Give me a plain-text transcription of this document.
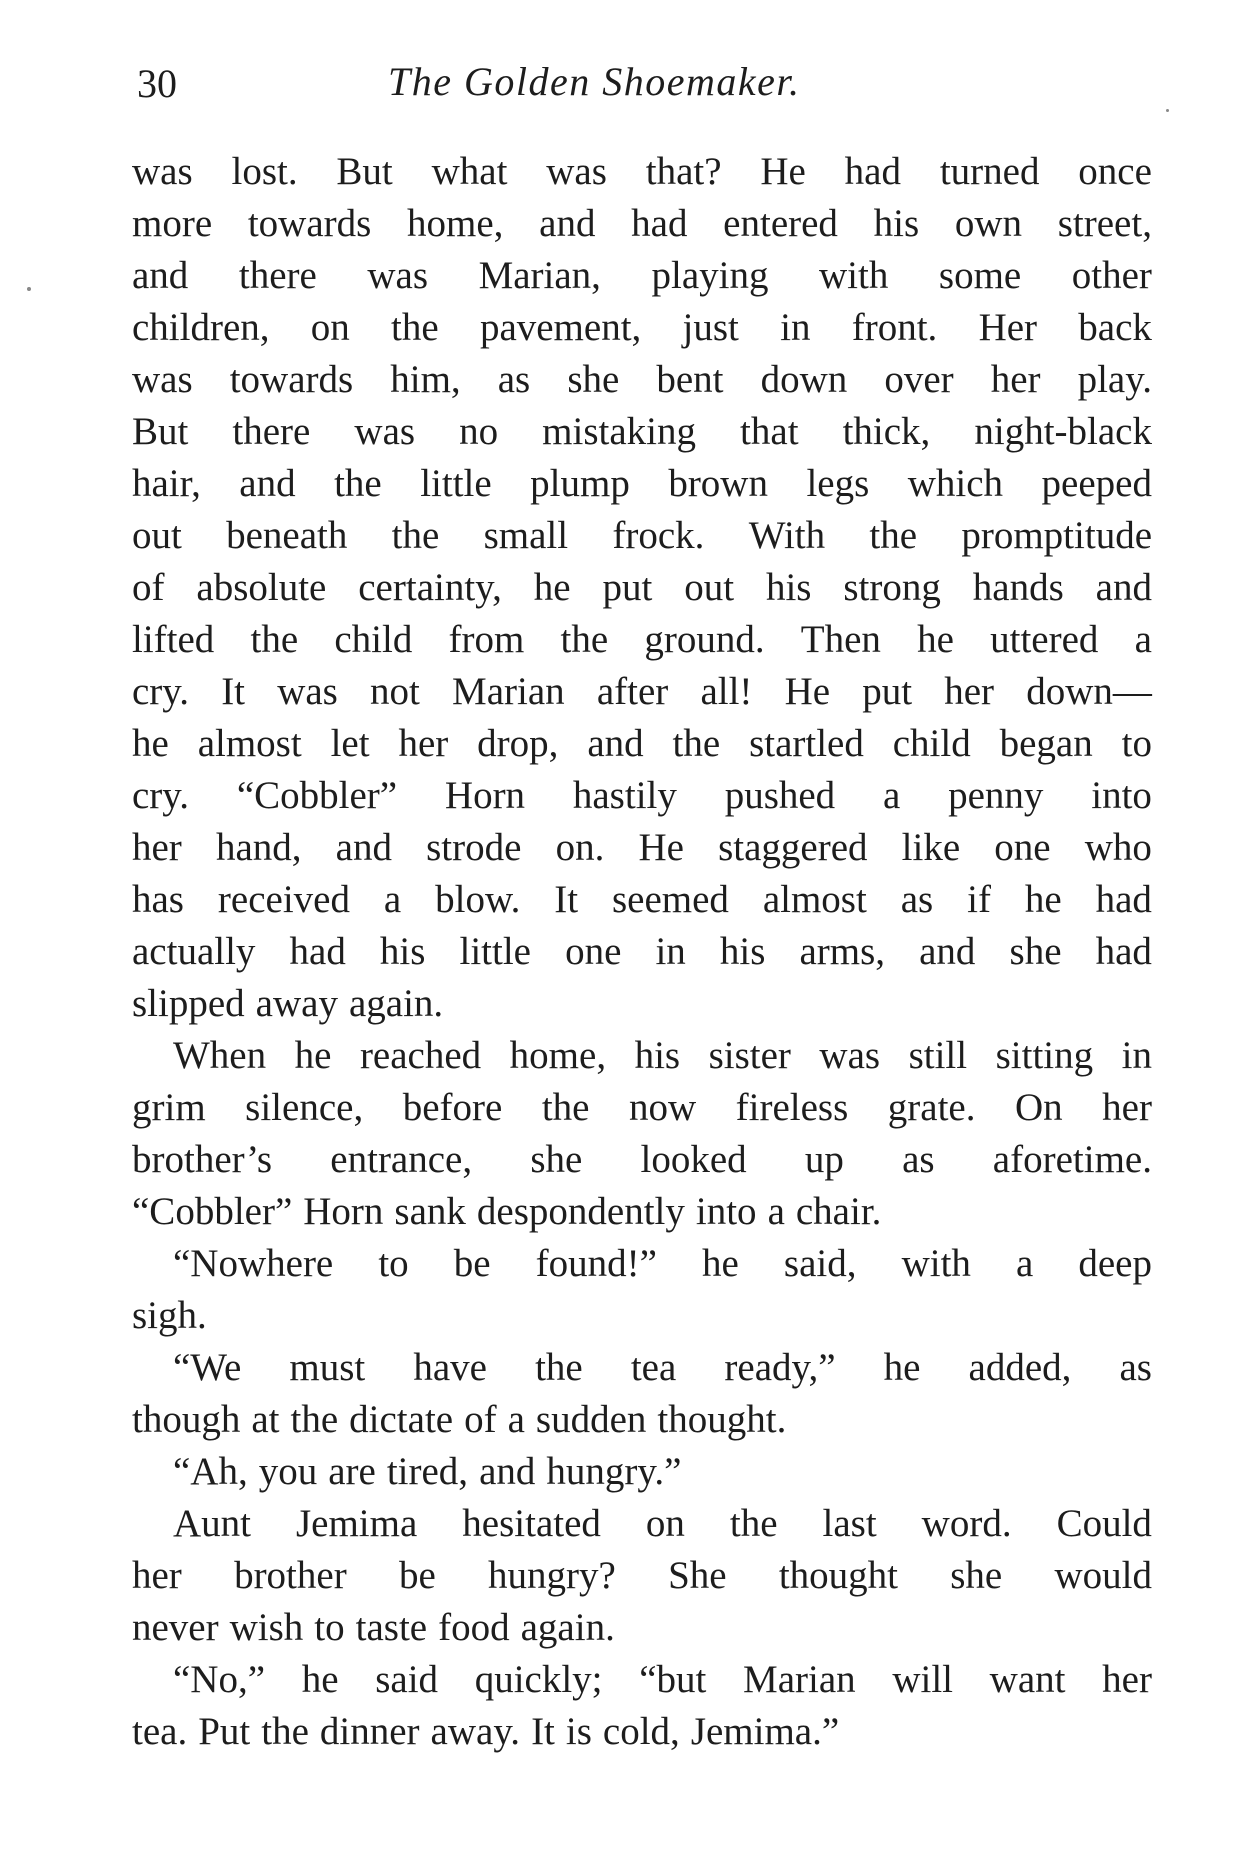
30	The Golden Shoemaker.
was lost. But what was that? He had turned once
more towards home, and had entered his own street,
and there was Marian, playing with some other
children, on the pavement, just in front. Her back
was towards him, as she bent down over her play.
But there was no mistaking that thick, night-black
hair, and the little plump brown legs which peeped
out beneath the small frock. With the promptitude
of absolute certainty, he put out his strong hands and
lifted the child from the ground. Then he uttered a
cry. It was not Marian after all! He put her down—
he almost let her drop, and the startled child began to
cry. “Cobbler” Horn hastily pushed a penny into
her hand, and strode on. He staggered like one who
has received a blow. It seemed almost as if he had
actually had his little one in his arms, and she had
slipped away again.
When he reached home, his sister was still sitting in
grim silence, before the now fireless grate. On her
brother’s entrance, she looked up as aforetime.
“Cobbler” Horn sank despondently into a chair.
“Nowhere to be found!” he said, with a deep
sigh.
“We must have the tea ready,” he added, as
though at the dictate of a sudden thought.
“Ah, you are tired, and hungry.”
Aunt Jemima hesitated on the last word. Could
her brother be hungry? She thought she would
never wish to taste food again.
“No,” he said quickly; “but Marian will want her
tea. Put the dinner away. It is cold, Jemima.”
